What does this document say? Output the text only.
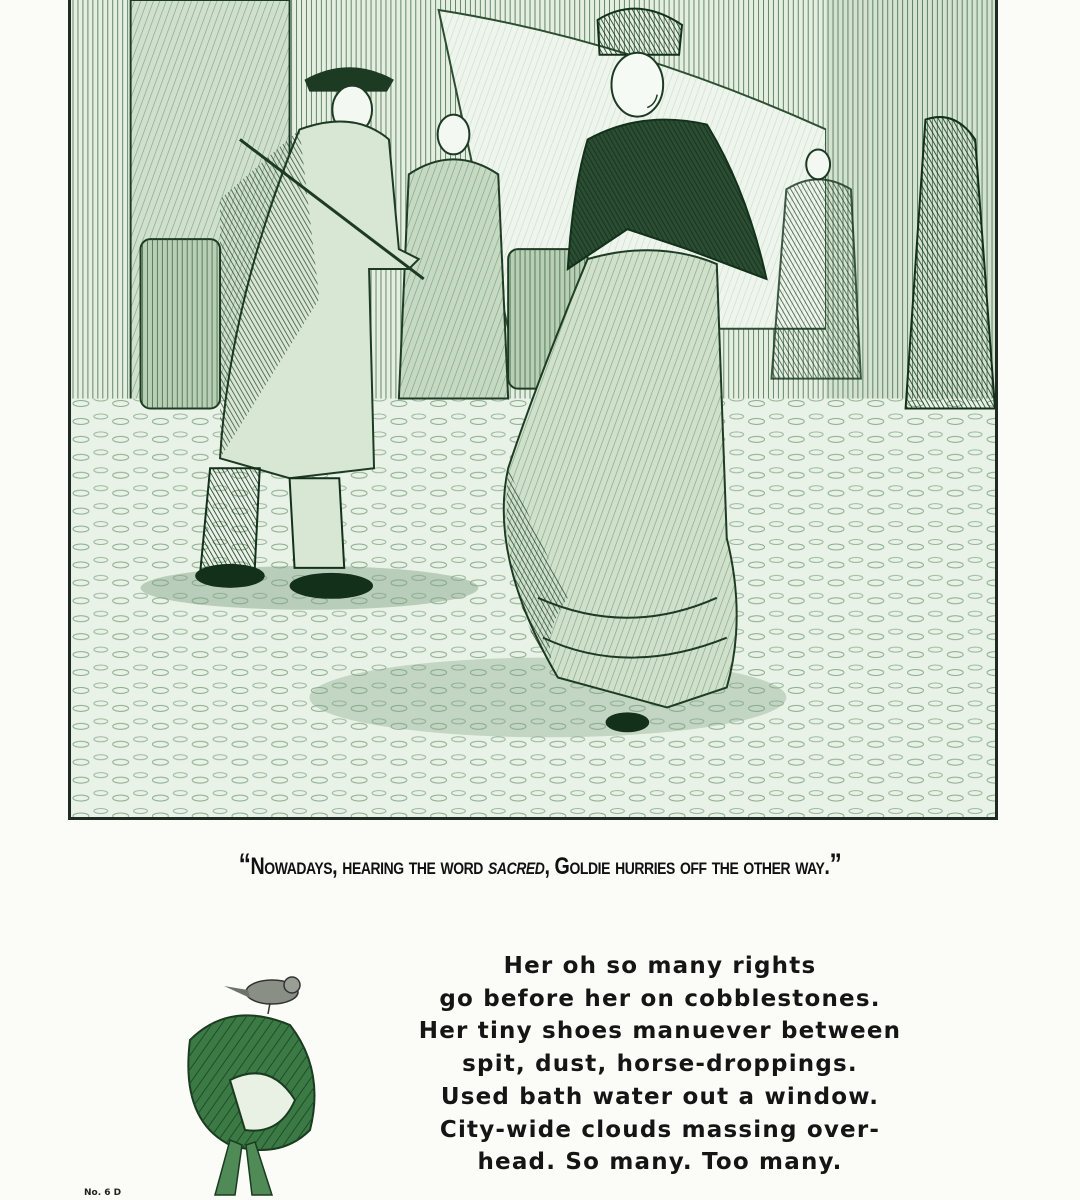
“Nowadays, hearing the word sacred, Goldie hurries off the other way.”
No. 6 D
Her oh so many rights
go before her on cobblestones.
Her tiny shoes manuever between
spit, dust, horse-droppings.
Used bath water out a window.
City-wide clouds massing over-
head. So many. Too many.
